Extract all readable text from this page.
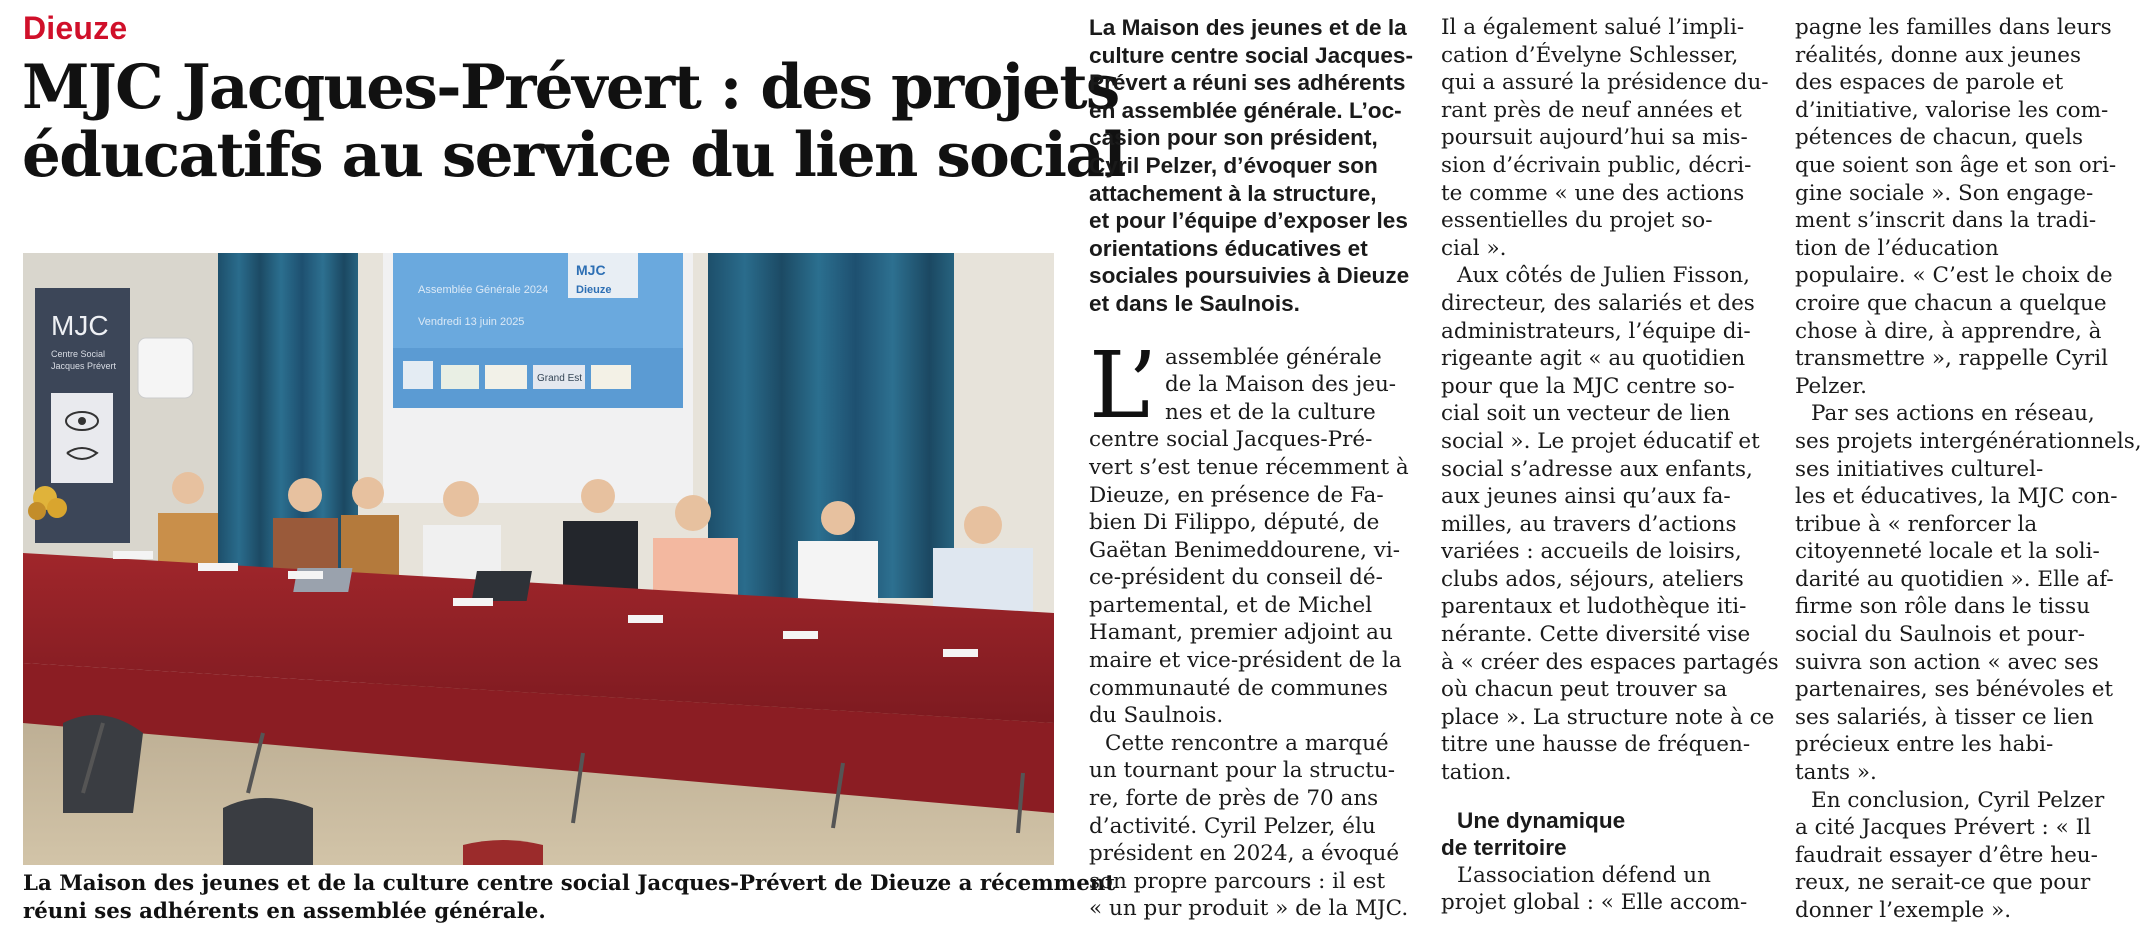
Dieuze
MJC Jacques-Prévert : des projets
éducatifs au service du lien social
Assemblée Générale 2024
Vendredi 13 juin 2025
MJC
Dieuze
Grand Est
MJC
Centre Social
Jacques Prévert
La Maison des jeunes et de la culture centre social Jacques-Prévert de Dieuze a récemment
réuni ses adhérents en assemblée générale.
La Maison des jeunes et de la
culture centre social Jacques-
Prévert a réuni ses adhérents
en assemblée générale. L’oc-
casion pour son président,
Cyril Pelzer, d’évoquer son
attachement à la structure,
et pour l’équipe d’exposer les
orientations éducatives et
sociales poursuivies à Dieuze
et dans le Saulnois.
L’ assemblée générale
de la Maison des jeu-
nes et de la culture
centre social Jacques-Pré-
vert s’est tenue récemment à
Dieuze, en présence de Fa-
bien Di Filippo, député, de
Gaëtan Benimeddourene, vi-
ce-président du conseil dé-
partemental, et de Michel
Hamant, premier adjoint au
maire et vice-président de la
communauté de communes
du Saulnois.
Cette rencontre a marqué
un tournant pour la structu-
re, forte de près de 70 ans
d’activité. Cyril Pelzer, élu
président en 2024, a évoqué
son propre parcours : il est
« un pur produit » de la MJC.
Il a également salué l’impli-
cation d’Évelyne Schlesser,
qui a assuré la présidence du-
rant près de neuf années et
poursuit aujourd’hui sa mis-
sion d’écrivain public, décri-
te comme « une des actions
essentielles du projet so-
cial ».
Aux côtés de Julien Fisson,
directeur, des salariés et des
administrateurs, l’équipe di-
rigeante agit « au quotidien
pour que la MJC centre so-
cial soit un vecteur de lien
social ». Le projet éducatif et
social s’adresse aux enfants,
aux jeunes ainsi qu’aux fa-
milles, au travers d’actions
variées : accueils de loisirs,
clubs ados, séjours, ateliers
parentaux et ludothèque iti-
nérante. Cette diversité vise
à « créer des espaces partagés
où chacun peut trouver sa
place ». La structure note à ce
titre une hausse de fréquen-
tation.
Une dynamique
de territoire
L’association défend un
projet global : « Elle accom-
pagne les familles dans leurs
réalités, donne aux jeunes
des espaces de parole et
d’initiative, valorise les com-
pétences de chacun, quels
que soient son âge et son ori-
gine sociale ». Son engage-
ment s’inscrit dans la tradi-
tion de l’éducation
populaire. « C’est le choix de
croire que chacun a quelque
chose à dire, à apprendre, à
transmettre », rappelle Cyril
Pelzer.
Par ses actions en réseau,
ses projets intergénérationnels,
ses initiatives culturel-
les et éducatives, la MJC con-
tribue à « renforcer la
citoyenneté locale et la soli-
darité au quotidien ». Elle af-
firme son rôle dans le tissu
social du Saulnois et pour-
suivra son action « avec ses
partenaires, ses bénévoles et
ses salariés, à tisser ce lien
précieux entre les habi-
tants ».
En conclusion, Cyril Pelzer
a cité Jacques Prévert : « Il
faudrait essayer d’être heu-
reux, ne serait-ce que pour
donner l’exemple ».
